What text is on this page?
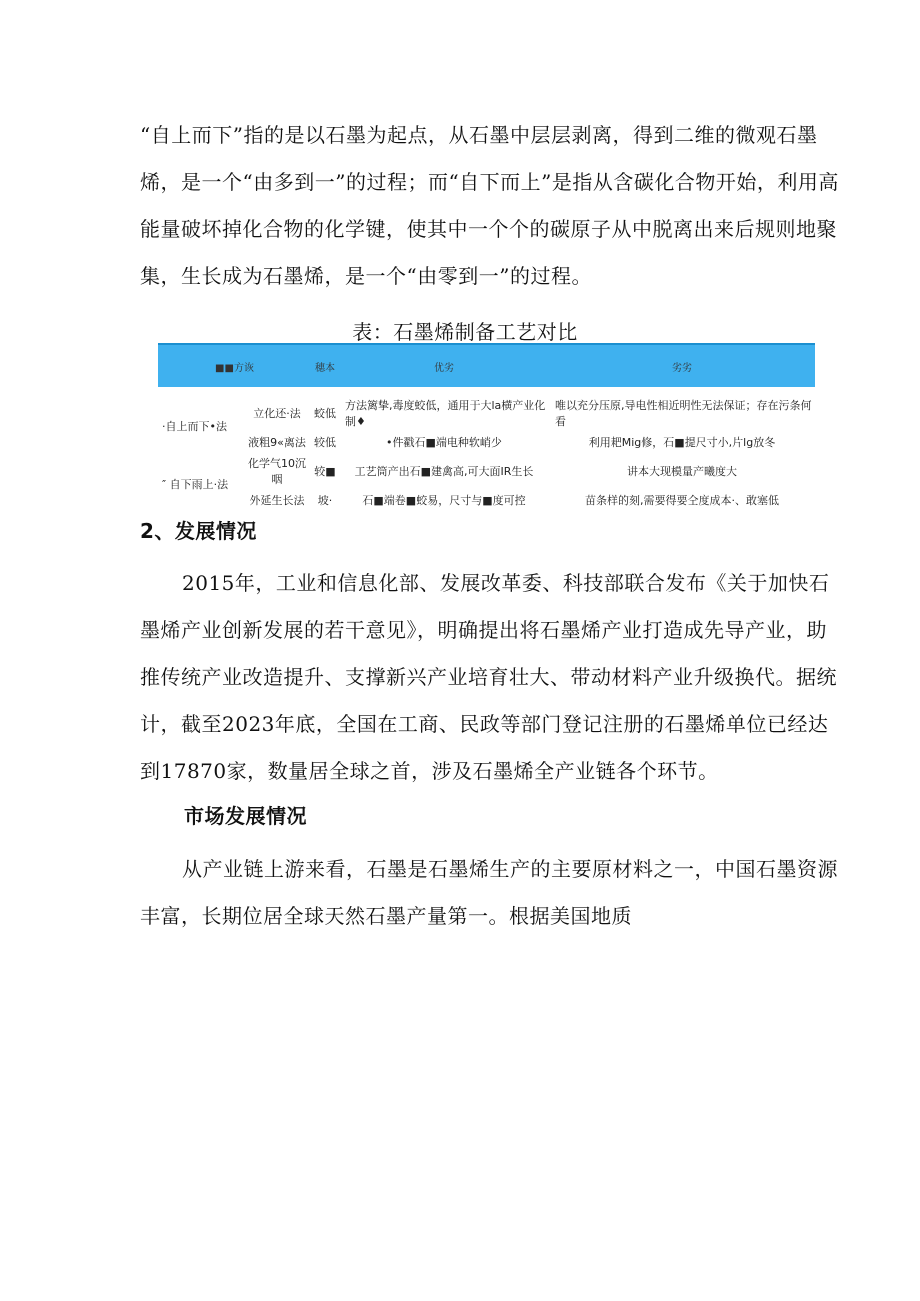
“自上而下”指的是以石墨为起点，从石墨中层层剥离，得到二维的微观石墨烯，是一个“由多到一”的过程；而“自下而上”是指从含碳化合物开始，利用高能量破坏掉化合物的化学键，使其中一个个的碳原子从中脱离出来后规则地聚集，生长成为石墨烯，是一个“由零到一”的过程。

表：石墨烯制备工艺对比

■■方诙		穗本	优劣	劣劣

·自上而下•法	立化还·法	蛟低	方法篱挚,毒度蛟低，通用于大la横产业化制♦	唯以充分压原,导电性相近明性无法保证；存在污条何看
	液粗9«离法	较低	•件戳石■端电种软峭少	利用耙Mig修，石■提尺寸小,片lg放冬
″ 自下雨上·法	化学气10沉咽	较■	工艺筒产出石■建禽高,可大面IR生长	讲本大现模量产曦度大
	外延生长法	坡·	石■端卷■蛟易，尺寸与■度可控	苗条样的刻,需要得要仝度成本·、敢塞低
2、发展情况

2015年，工业和信息化部、发展改革委、科技部联合发布《关于加快石墨烯产业创新发展的若干意见》，明确提出将石墨烯产业打造成先导产业，助推传统产业改造提升、支撑新兴产业培育壮大、带动材料产业升级换代。据统计，截至2023年底，全国在工商、民政等部门登记注册的石墨烯单位已经达到17870家，数量居全球之首，涉及石墨烯全产业链各个环节。

市场发展情况

从产业链上游来看，石墨是石墨烯生产的主要原材料之一，中国石墨资源丰富，长期位居全球天然石墨产量第一。根据美国地质
